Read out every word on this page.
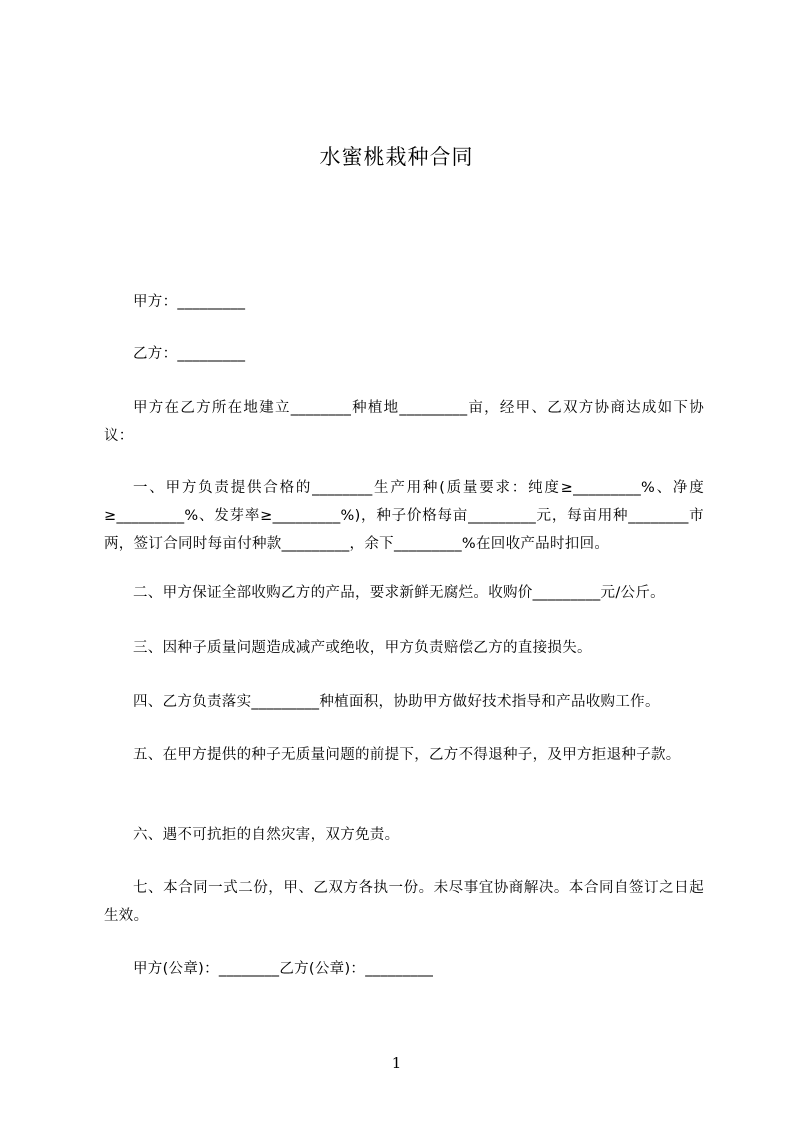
水蜜桃栽种合同

甲方：_________

乙方：_________

甲方在乙方所在地建立________种植地_________亩，经甲、乙双方协商达成如下协议：

一、甲方负责提供合格的________生产用种(质量要求：纯度≥_________%、净度≥_________%、发芽率≥_________%)，种子价格每亩_________元，每亩用种________市两，签订合同时每亩付种款_________，余下_________%在回收产品时扣回。

二、甲方保证全部收购乙方的产品，要求新鲜无腐烂。收购价_________元/公斤。

三、因种子质量问题造成减产或绝收，甲方负责赔偿乙方的直接损失。

四、乙方负责落实_________种植面积，协助甲方做好技术指导和产品收购工作。

五、在甲方提供的种子无质量问题的前提下，乙方不得退种子，及甲方拒退种子款。

六、遇不可抗拒的自然灾害，双方免责。

七、本合同一式二份，甲、乙双方各执一份。未尽事宜协商解决。本合同自签订之日起生效。

甲方(公章)：________乙方(公章)：_________

1
